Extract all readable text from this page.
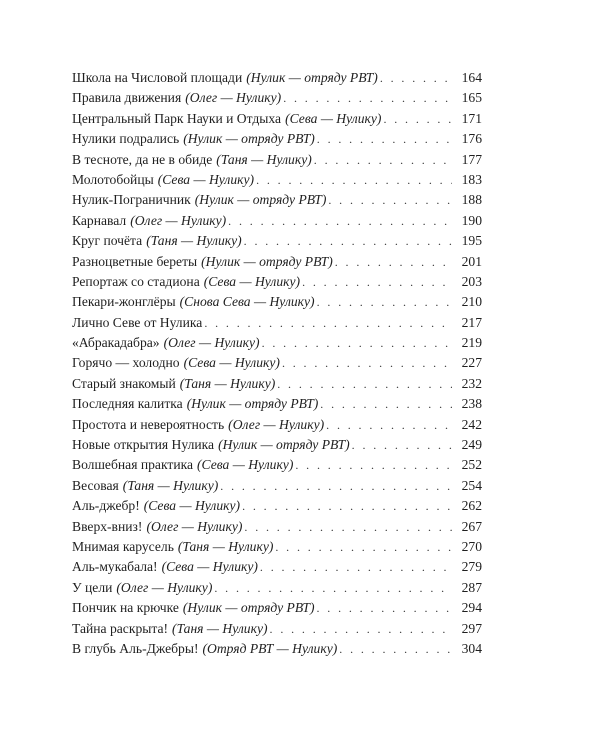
Школа на Числовой площади (Нулик — отряду РВТ) . . .	164
Правила движения (Олег — Нулику) . . .	165
Центральный Парк Науки и Отдыха (Сева — Нулику) . . .	171
Нулики подрались (Нулик — отряду РВТ) . . .	176
В тесноте, да не в обиде (Таня — Нулику) . . .	177
Молотобойцы (Сева — Нулику) . . .	183
Нулик-Пограничник (Нулик — отряду РВТ) . . .	188
Карнавал (Олег — Нулику) . . .	190
Круг почёта (Таня — Нулику) . . .	195
Разноцветные береты (Нулик — отряду РВТ) . . .	201
Репортаж со стадиона (Сева — Нулику) . . .	203
Пекари-жонглёры (Снова Сева — Нулику) . . .	210
Лично Севе от Нулика . . .	217
«Абракадабра» (Олег — Нулику) . . .	219
Горячо — холодно (Сева — Нулику) . . .	227
Старый знакомый (Таня — Нулику) . . .	232
Последняя калитка (Нулик — отряду РВТ) . . .	238
Простота и невероятность (Олег — Нулику) . . .	242
Новые открытия Нулика (Нулик — отряду РВТ) . . .	249
Волшебная практика (Сева — Нулику) . . .	252
Весовая (Таня — Нулику) . . .	254
Аль-джебр! (Сева — Нулику) . . .	262
Вверх-вниз! (Олег — Нулику) . . .	267
Мнимая карусель (Таня — Нулику) . . .	270
Аль-мукабала! (Сева — Нулику) . . .	279
У цели (Олег — Нулику) . . .	287
Пончик на крючке (Нулик — отряду РВТ) . . .	294
Тайна раскрыта! (Таня — Нулику) . . .	297
В глубь Аль-Джебры! (Отряд РВТ — Нулику) . . .	304
